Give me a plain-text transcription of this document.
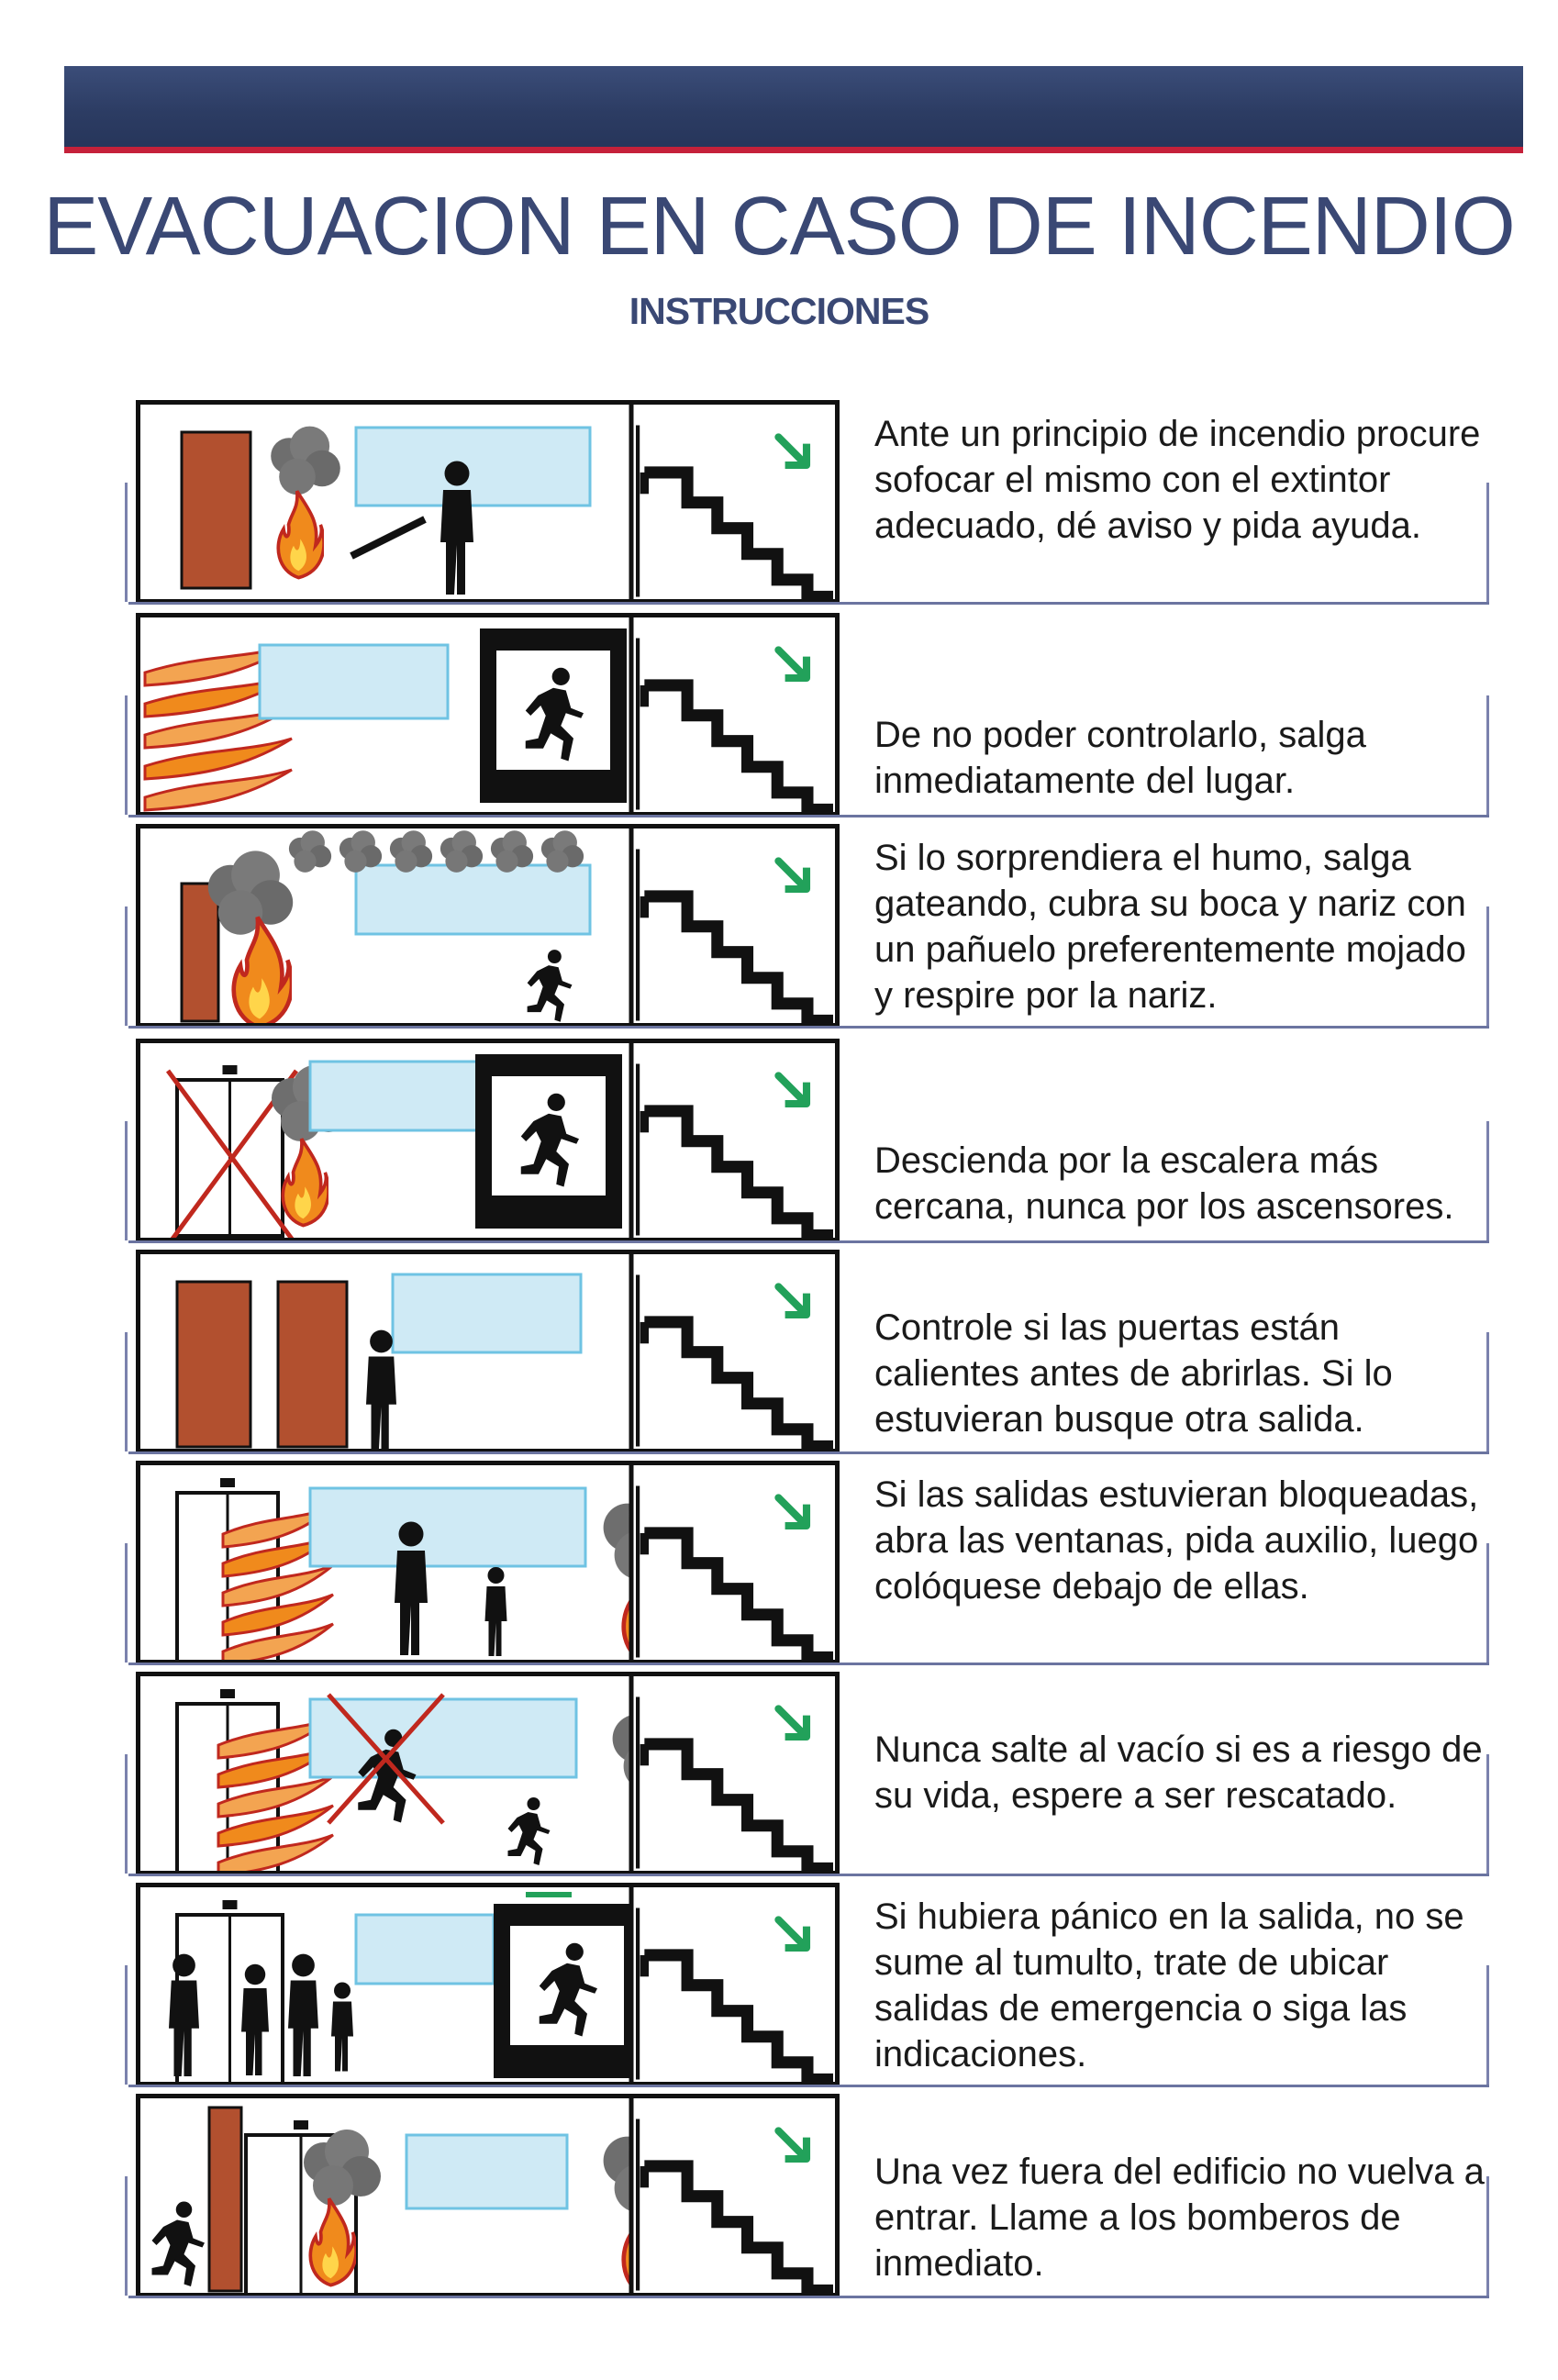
EVACUACION EN CASO DE INCENDIO
INSTRUCCIONES
Ante un principio de incendio procure sofocar el mismo con el extintor adecuado, dé aviso y pida ayuda.
De no poder controlarlo, salga inmediatamente del lugar.
Si lo sorprendiera el humo, salga gateando, cubra su boca y nariz con un pañuelo preferentemente mojado y respire por la nariz.
Descienda por la escalera más cercana, nunca por los ascensores.
Controle si las puertas están calientes antes de abrirlas. Si lo estuvieran busque otra salida.
Si las salidas estuvieran bloqueadas, abra las ventanas, pida auxilio, luego colóquese debajo de ellas.
Nunca salte al vacío si es a riesgo de su vida, espere a ser rescatado.
Si hubiera pánico en la salida, no se sume al tumulto, trate de ubicar salidas de emergencia o siga las indicaciones.
Una vez fuera del edificio no vuelva a entrar. Llame a los bomberos de inmediato.
